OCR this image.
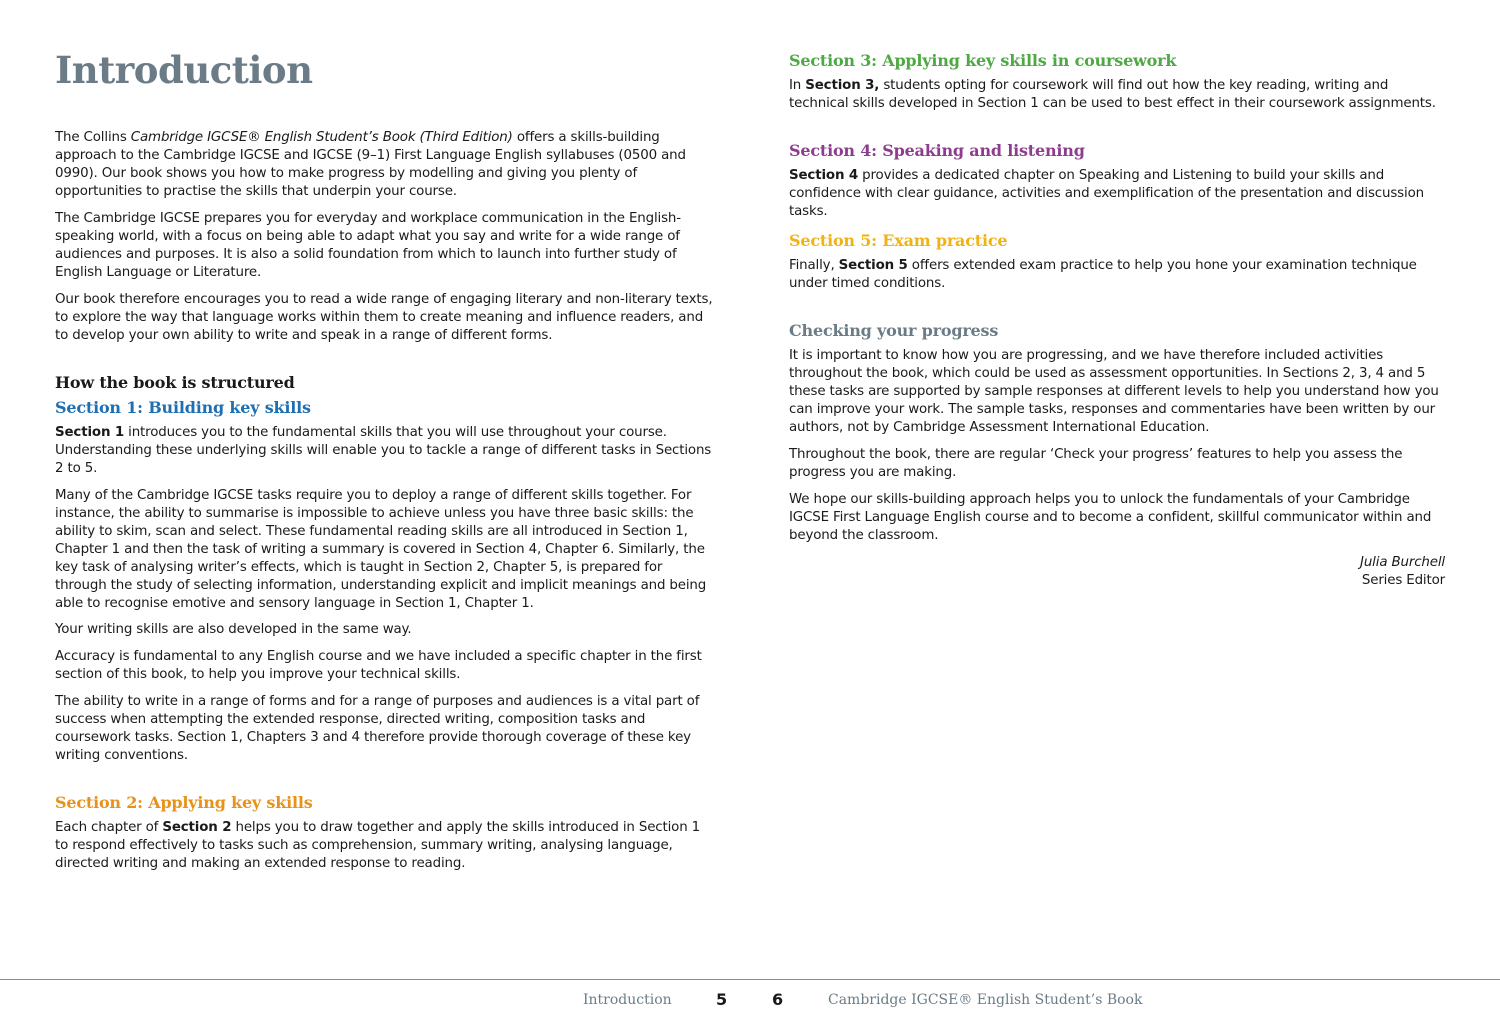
Introduction

The Collins Cambridge IGCSE® English Student’s Book (Third Edition) offers a skills-building approach to the Cambridge IGCSE and IGCSE (9–1) First Language English syllabuses (0500 and 0990). Our book shows you how to make progress by modelling and giving you plenty of opportunities to practise the skills that underpin your course.

The Cambridge IGCSE prepares you for everyday and workplace communication in the English-speaking world, with a focus on being able to adapt what you say and write for a wide range of audiences and purposes. It is also a solid foundation from which to launch into further study of English Language or Literature.

Our book therefore encourages you to read a wide range of engaging literary and non-literary texts, to explore the way that language works within them to create meaning and influence readers, and to develop your own ability to write and speak in a range of different forms.

How the book is structured
Section 1: Building key skills

Section 1 introduces you to the fundamental skills that you will use throughout your course. Understanding these underlying skills will enable you to tackle a range of different tasks in Sections 2 to 5.

Many of the Cambridge IGCSE tasks require you to deploy a range of different skills together. For instance, the ability to summarise is impossible to achieve unless you have three basic skills: the ability to skim, scan and select. These fundamental reading skills are all introduced in Section 1, Chapter 1 and then the task of writing a summary is covered in Section 4, Chapter 6. Similarly, the key task of analysing writer’s effects, which is taught in Section 2, Chapter 5, is prepared for through the study of selecting information, understanding explicit and implicit meanings and being able to recognise emotive and sensory language in Section 1, Chapter 1.

Your writing skills are also developed in the same way.

Accuracy is fundamental to any English course and we have included a specific chapter in the first section of this book, to help you improve your technical skills.

The ability to write in a range of forms and for a range of purposes and audiences is a vital part of success when attempting the extended response, directed writing, composition tasks and coursework tasks. Section 1, Chapters 3 and 4 therefore provide thorough coverage of these key writing conventions.

Section 2: Applying key skills

Each chapter of Section 2 helps you to draw together and apply the skills introduced in Section 1 to respond effectively to tasks such as comprehension, summary writing, analysing language, directed writing and making an extended response to reading.

Section 3: Applying key skills in coursework

In Section 3, students opting for coursework will find out how the key reading, writing and technical skills developed in Section 1 can be used to best effect in their coursework assignments.

Section 4: Speaking and listening

Section 4 provides a dedicated chapter on Speaking and Listening to build your skills and confidence with clear guidance, activities and exemplification of the presentation and discussion tasks.

Section 5: Exam practice

Finally, Section 5 offers extended exam practice to help you hone your examination technique under timed conditions.

Checking your progress

It is important to know how you are progressing, and we have therefore included activities throughout the book, which could be used as assessment opportunities. In Sections 2, 3, 4 and 5 these tasks are supported by sample responses at different levels to help you understand how you can improve your work. The sample tasks, responses and commentaries have been written by our authors, not by Cambridge Assessment International Education.

Throughout the book, there are regular ‘Check your progress’ features to help you assess the progress you are making.

We hope our skills-building approach helps you to unlock the fundamentals of your Cambridge IGCSE First Language English course and to become a confident, skillful communicator within and beyond the classroom.

Julia Burchell

Series Editor

Introduction	5	6	Cambridge IGCSE® English Student’s Book
